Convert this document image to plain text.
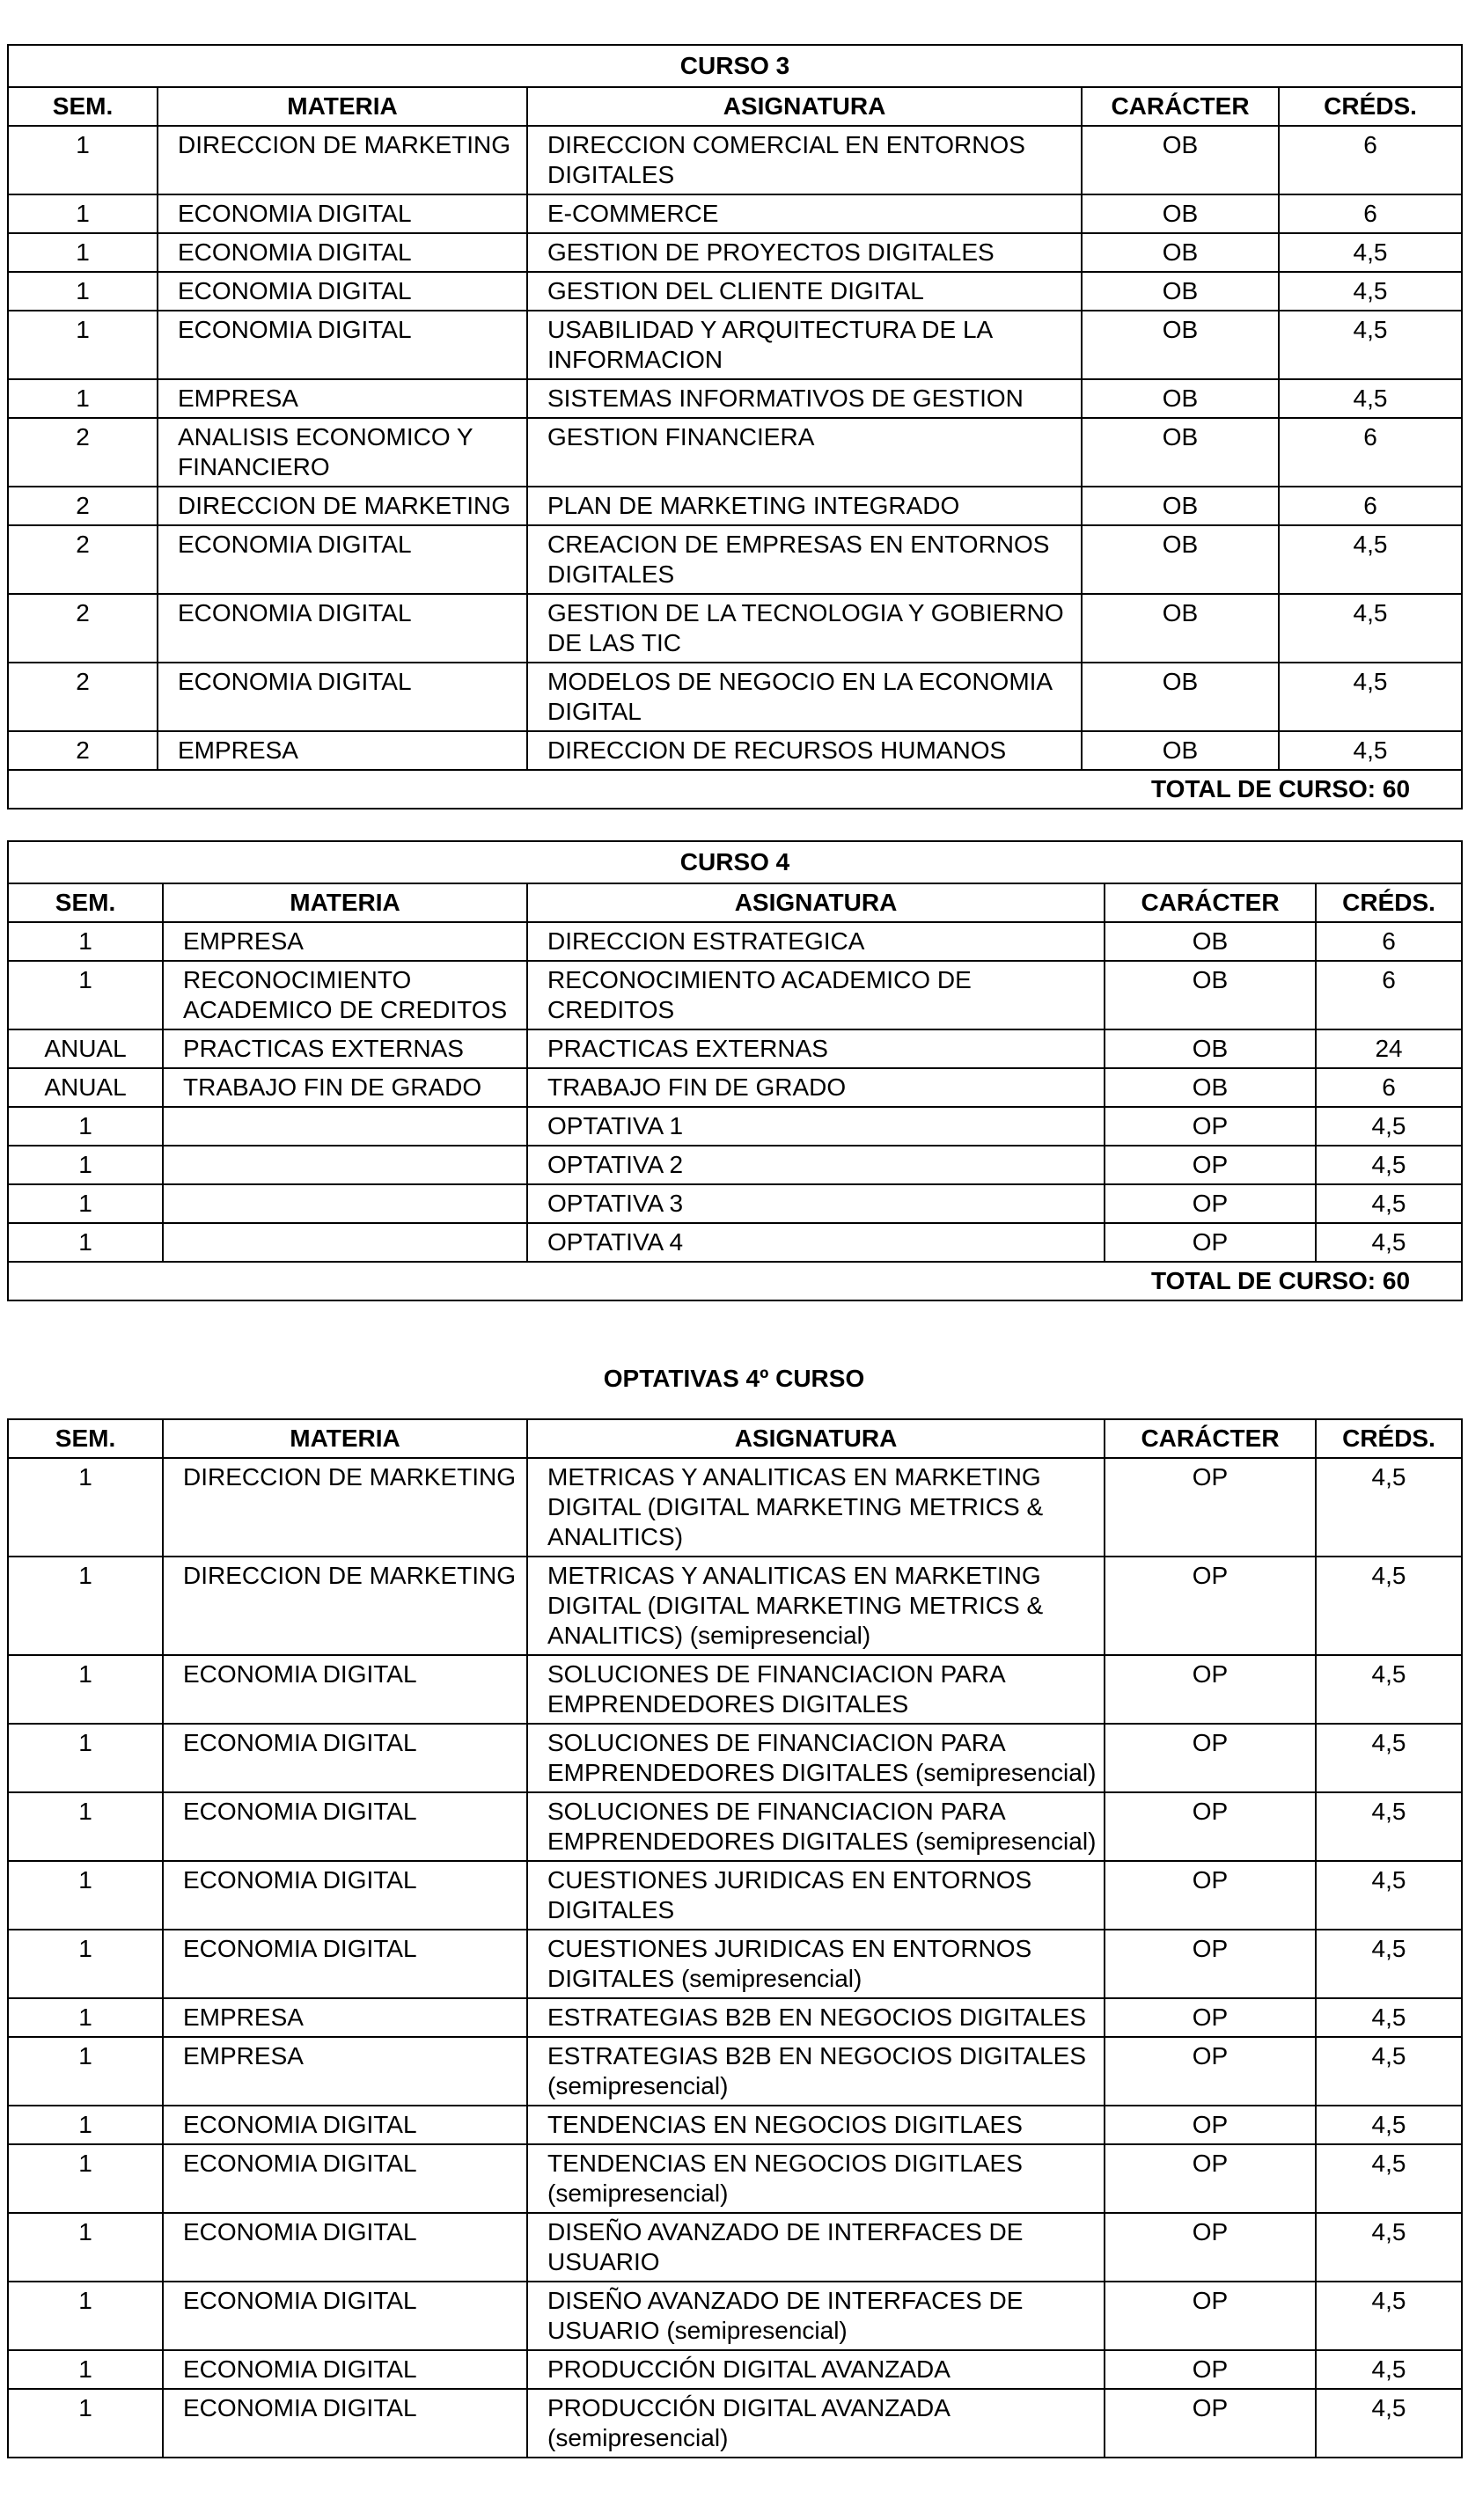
CURSO 3				
SEM.	MATERIA	ASIGNATURA	CARÁCTER	CRÉDS.
1	DIRECCION DE MARKETING	DIRECCION COMERCIAL EN ENTORNOS DIGITALES	OB	6
1	ECONOMIA DIGITAL	E-COMMERCE	OB	6
1	ECONOMIA DIGITAL	GESTION DE PROYECTOS DIGITALES	OB	4,5
1	ECONOMIA DIGITAL	GESTION DEL CLIENTE DIGITAL	OB	4,5
1	ECONOMIA DIGITAL	USABILIDAD Y ARQUITECTURA DE LA INFORMACION	OB	4,5
1	EMPRESA	SISTEMAS INFORMATIVOS DE GESTION	OB	4,5
2	ANALISIS ECONOMICO Y FINANCIERO	GESTION FINANCIERA	OB	6
2	DIRECCION DE MARKETING	PLAN DE MARKETING INTEGRADO	OB	6
2	ECONOMIA DIGITAL	CREACION DE EMPRESAS EN ENTORNOS DIGITALES	OB	4,5
2	ECONOMIA DIGITAL	GESTION DE LA TECNOLOGIA Y GOBIERNO DE LAS TIC	OB	4,5
2	ECONOMIA DIGITAL	MODELOS DE NEGOCIO EN LA ECONOMIA DIGITAL	OB	4,5
2	EMPRESA	DIRECCION DE RECURSOS HUMANOS	OB	4,5
TOTAL DE CURSO: 60				
CURSO 4				
SEM.	MATERIA	ASIGNATURA	CARÁCTER	CRÉDS.
1	EMPRESA	DIRECCION ESTRATEGICA	OB	6
1	RECONOCIMIENTO ACADEMICO DE CREDITOS	RECONOCIMIENTO ACADEMICO DE CREDITOS	OB	6
ANUAL	PRACTICAS EXTERNAS	PRACTICAS EXTERNAS	OB	24
ANUAL	TRABAJO FIN DE GRADO	TRABAJO FIN DE GRADO	OB	6
1		OPTATIVA 1	OP	4,5
1		OPTATIVA 2	OP	4,5
1		OPTATIVA 3	OP	4,5
1		OPTATIVA 4	OP	4,5
TOTAL DE CURSO: 60				
OPTATIVAS 4º CURSO
SEM.	MATERIA	ASIGNATURA	CARÁCTER	CRÉDS.
1	DIRECCION DE MARKETING	METRICAS Y ANALITICAS EN MARKETING DIGITAL (DIGITAL MARKETING METRICS & ANALITICS)	OP	4,5
1	DIRECCION DE MARKETING	METRICAS Y ANALITICAS EN MARKETING DIGITAL (DIGITAL MARKETING METRICS & ANALITICS) (semipresencial)	OP	4,5
1	ECONOMIA DIGITAL	SOLUCIONES DE FINANCIACION PARA EMPRENDEDORES DIGITALES	OP	4,5
1	ECONOMIA DIGITAL	SOLUCIONES DE FINANCIACION PARA EMPRENDEDORES DIGITALES (semipresencial)	OP	4,5
1	ECONOMIA DIGITAL	SOLUCIONES DE FINANCIACION PARA EMPRENDEDORES DIGITALES (semipresencial)	OP	4,5
1	ECONOMIA DIGITAL	CUESTIONES JURIDICAS EN ENTORNOS DIGITALES	OP	4,5
1	ECONOMIA DIGITAL	CUESTIONES JURIDICAS EN ENTORNOS DIGITALES (semipresencial)	OP	4,5
1	EMPRESA	ESTRATEGIAS B2B EN NEGOCIOS DIGITALES	OP	4,5
1	EMPRESA	ESTRATEGIAS B2B EN NEGOCIOS DIGITALES (semipresencial)	OP	4,5
1	ECONOMIA DIGITAL	TENDENCIAS EN NEGOCIOS DIGITLAES	OP	4,5
1	ECONOMIA DIGITAL	TENDENCIAS EN NEGOCIOS DIGITLAES (semipresencial)	OP	4,5
1	ECONOMIA DIGITAL	DISEÑO AVANZADO DE INTERFACES DE USUARIO	OP	4,5
1	ECONOMIA DIGITAL	DISEÑO AVANZADO DE INTERFACES DE USUARIO (semipresencial)	OP	4,5
1	ECONOMIA DIGITAL	PRODUCCIÓN DIGITAL AVANZADA	OP	4,5
1	ECONOMIA DIGITAL	PRODUCCIÓN DIGITAL AVANZADA (semipresencial)	OP	4,5
